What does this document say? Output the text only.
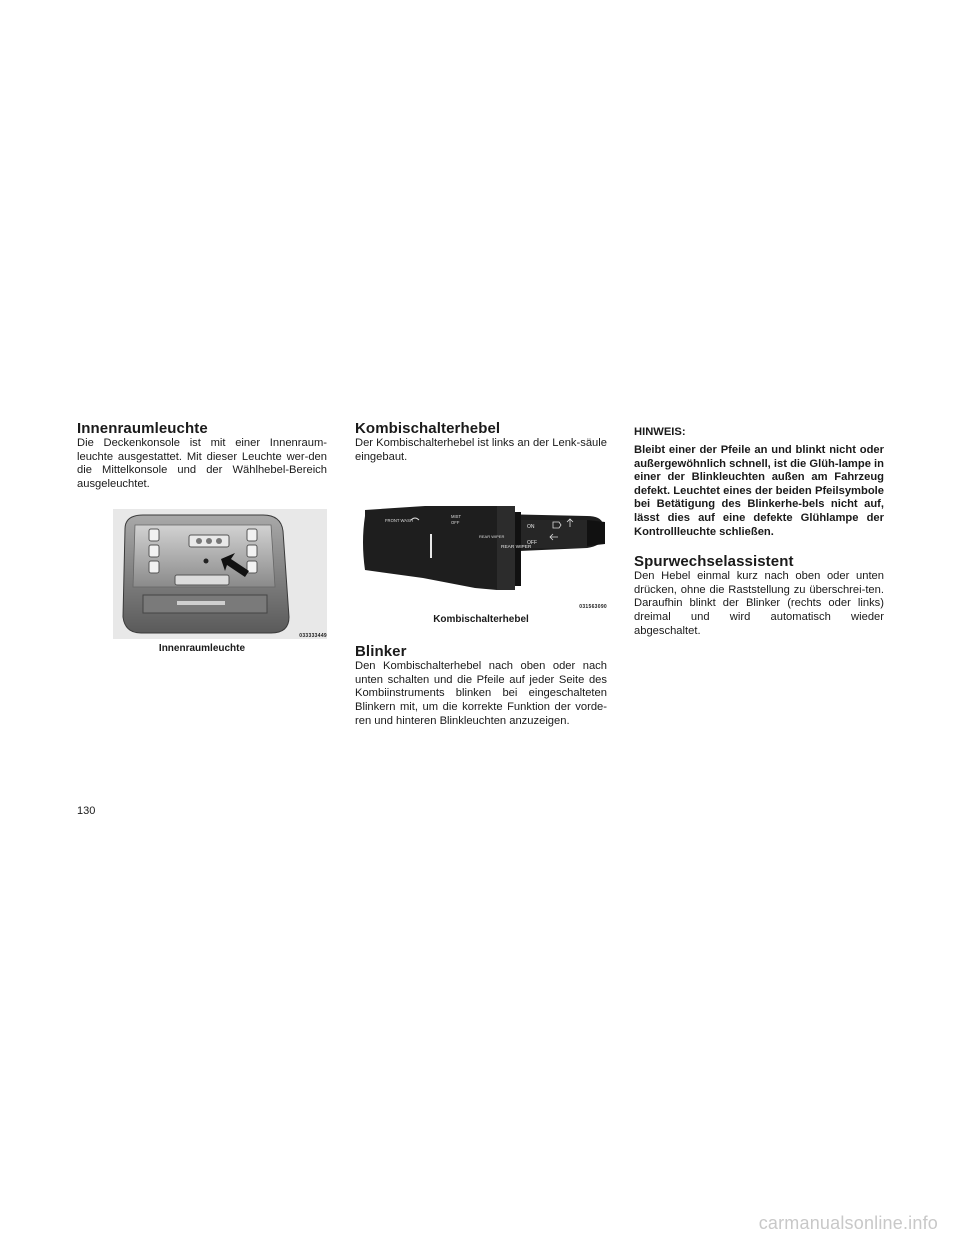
Innenraumleuchte

Die Deckenkonsole ist mit einer Innenraum-leuchte ausgestattet. Mit dieser Leuchte wer-den die Mittelkonsole und der Wählhebel-Bereich ausgeleuchtet.

033333449
Innenraumleuchte
Kombischalterhebel

Der Kombischalterhebel ist links an der Lenk-säule eingebaut.

FRONT WASH
MIST
OFF
REAR WIPER
REAR WIPER
ON
OFF
031563090
Kombischalterhebel
Blinker

Den Kombischalterhebel nach oben oder nach unten schalten und die Pfeile auf jeder Seite des Kombiinstruments blinken bei eingeschalteten Blinkern mit, um die korrekte Funktion der vorde-ren und hinteren Blinkleuchten anzuzeigen.

HINWEIS:

Bleibt einer der Pfeile an und blinkt nicht oder außergewöhnlich schnell, ist die Glüh-lampe in einer der Blinkleuchten außen am Fahrzeug defekt. Leuchtet eines der beiden Pfeilsymbole bei Betätigung des Blinkerhe-bels nicht auf, lässt dies auf eine defekte Glühlampe der Kontrollleuchte schließen.

Spurwechselassistent

Den Hebel einmal kurz nach oben oder unten drücken, ohne die Raststellung zu überschrei-ten. Daraufhin blinkt der Blinker (rechts oder links) dreimal und wird automatisch wieder abgeschaltet.

130
carmanualsonline.info
